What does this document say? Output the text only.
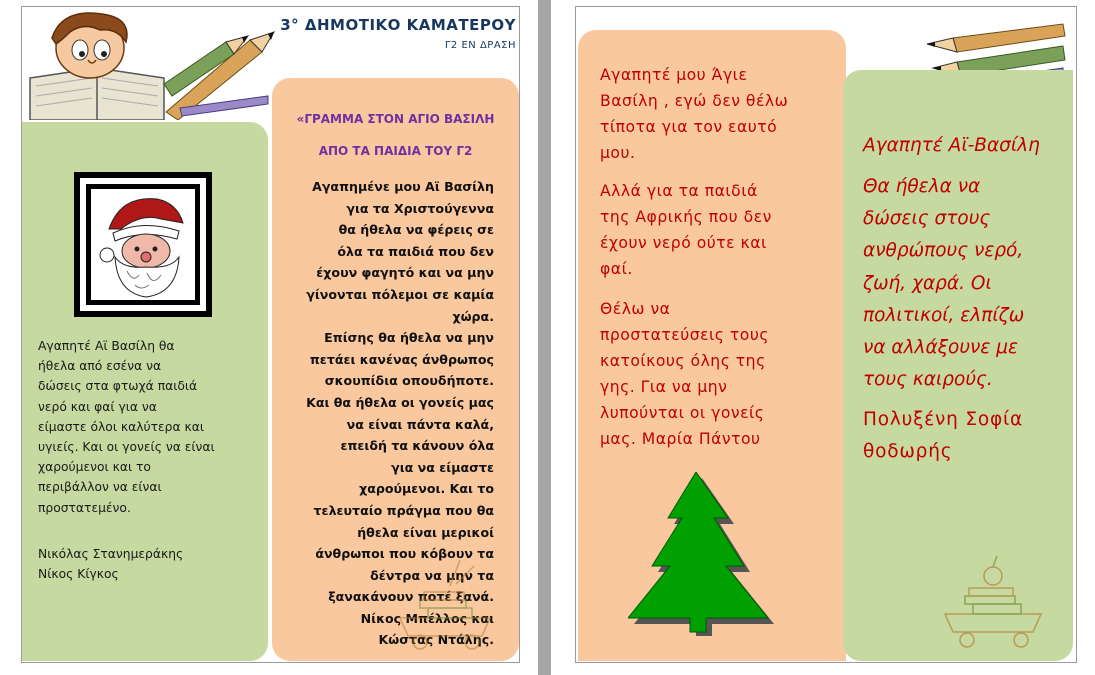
3° ΔΗΜΟΤΙΚΟ ΚΑΜΑΤΕΡΟΥ
Γ2 ΕΝ ΔΡΑΣΗ
Αγαπητέ Αϊ Βασίλη θα
ήθελα από εσένα να
δώσεις στα φτωχά παιδιά
νερό και φαί για να
είμαστε όλοι καλύτερα και
υγιείς. Και οι γονείς να είναι
χαρούμενοι και το
περιβάλλον να είναι
προστατεμένο.
Νικόλας Στανημεράκης
Νίκος Κίγκος
«ΓΡΑΜΜΑ ΣΤΟΝ ΑΓΙΟ ΒΑΣΙΛΗ
ΑΠΟ ΤΑ ΠΑΙΔΙΑ ΤΟΥ Γ2
Αγαπημένε μου Αϊ Βασίλη
για τα Χριστούγεννα
θα ήθελα να φέρεις σε
όλα τα παιδιά που δεν
έχουν φαγητό και να μην
γίνονται πόλεμοι σε καμία
χώρα.
Επίσης θα ήθελα να μην
πετάει κανένας άνθρωπος
σκουπίδια οπουδήποτε.
Και θα ήθελα οι γονείς μας
να είναι πάντα καλά,
επειδή τα κάνουν όλα
για να είμαστε
χαρούμενοι. Και το
τελευταίο πράγμα που θα
ήθελα είναι μερικοί
άνθρωποι που κόβουν τα
δέντρα να μην τα
ξανακάνουν ποτέ ξανά.
Νίκος Μπέλλος και
Κώστας Ντάλης.
Αγαπητέ μου Άγιε
Βασίλη , εγώ δεν θέλω
τίποτα για τον εαυτό
μου.
Αλλά για τα παιδιά
της Αφρικής που δεν
έχουν νερό ούτε και
φαί.
Θέλω να
προστατεύσεις τους
κατοίκους όλης της
γης. Για να μην
λυπούνται οι γονείς
μας. Μαρία Πάντου
Αγαπητέ Αϊ-Βασίλη
Θα ήθελα να
δώσεις στους
ανθρώπους νερό,
ζωή, χαρά. Οι
πολιτικοί, ελπίζω
να αλλάξουνε με
τους καιρούς.
Πολυξένη Σοφία
θοδωρής
